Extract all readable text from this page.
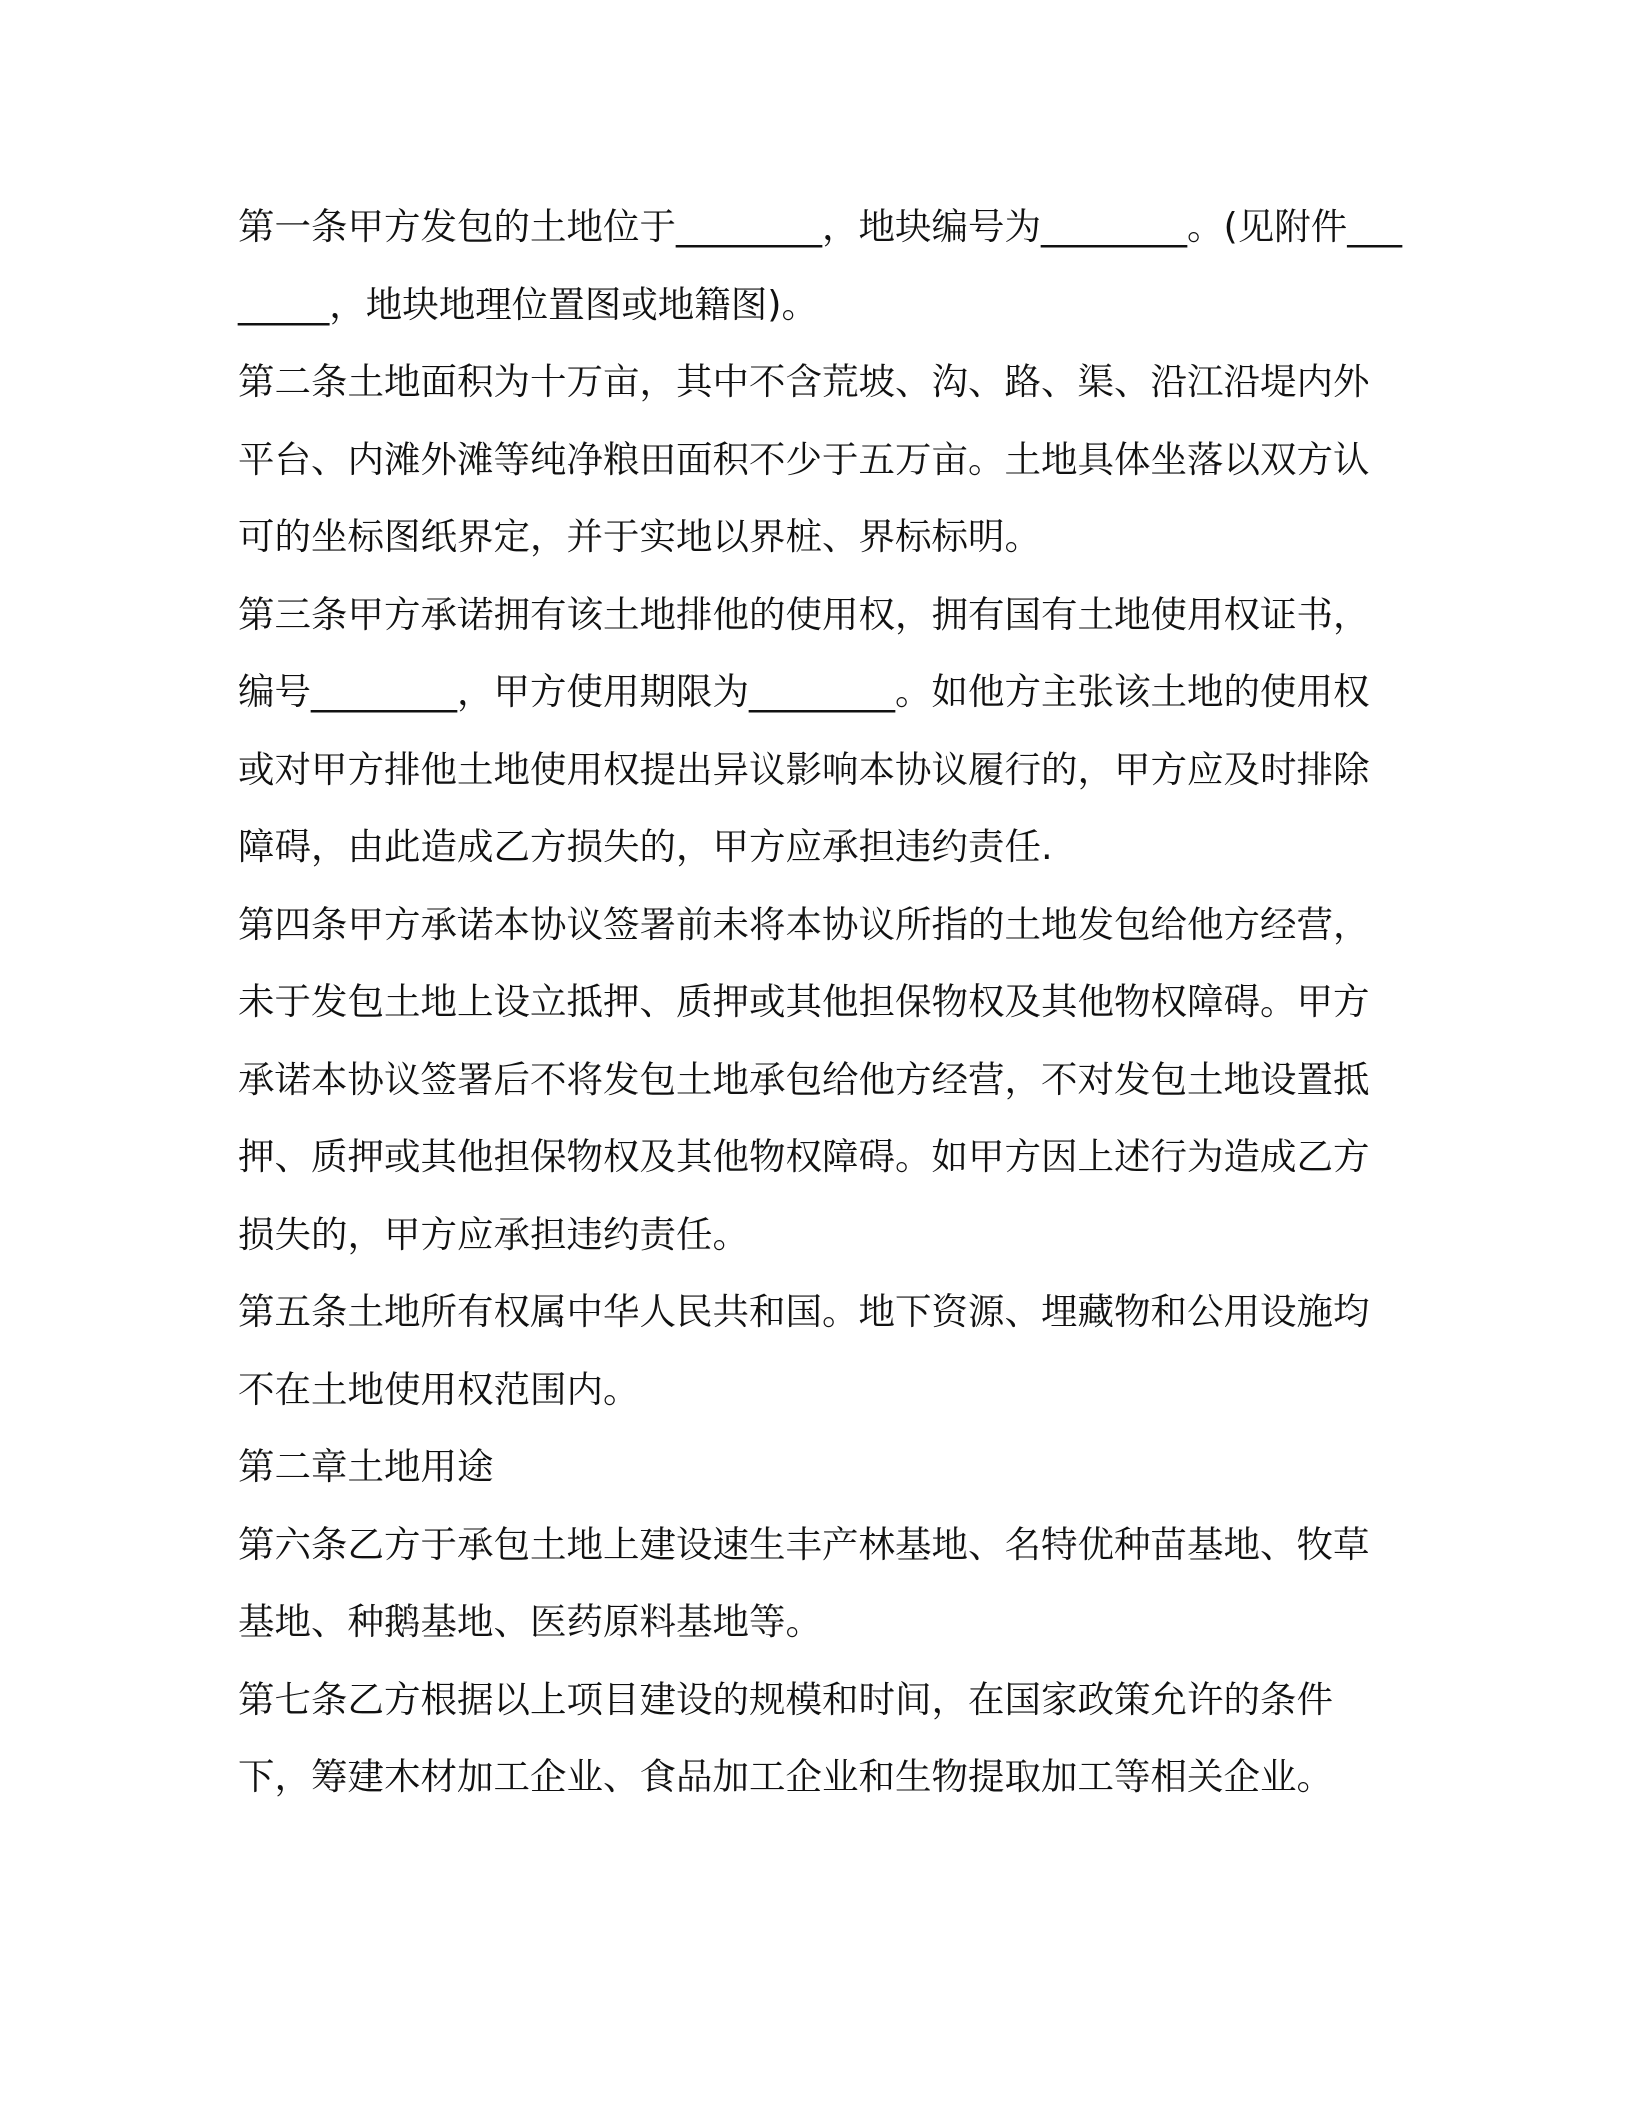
第一条甲方发包的土地位于________，地块编号为________。(见附件________，地块地理位置图或地籍图)。

第二条土地面积为十万亩，其中不含荒坡、沟、路、渠、沿江沿堤内外平台、内滩外滩等纯净粮田面积不少于五万亩。土地具体坐落以双方认可的坐标图纸界定，并于实地以界桩、界标标明。

第三条甲方承诺拥有该土地排他的使用权，拥有国有土地使用权证书，编号________，甲方使用期限为________。如他方主张该土地的使用权或对甲方排他土地使用权提出异议影响本协议履行的，甲方应及时排除障碍，由此造成乙方损失的，甲方应承担违约责任.

第四条甲方承诺本协议签署前未将本协议所指的土地发包给他方经营，未于发包土地上设立抵押、质押或其他担保物权及其他物权障碍。甲方承诺本协议签署后不将发包土地承包给他方经营，不对发包土地设置抵押、质押或其他担保物权及其他物权障碍。如甲方因上述行为造成乙方损失的，甲方应承担违约责任。

第五条土地所有权属中华人民共和国。地下资源、埋藏物和公用设施均不在土地使用权范围内。

第二章土地用途

第六条乙方于承包土地上建设速生丰产林基地、名特优种苗基地、牧草基地、种鹅基地、医药原料基地等。

第七条乙方根据以上项目建设的规模和时间，在国家政策允许的条件下，筹建木材加工企业、食品加工企业和生物提取加工等相关企业。
